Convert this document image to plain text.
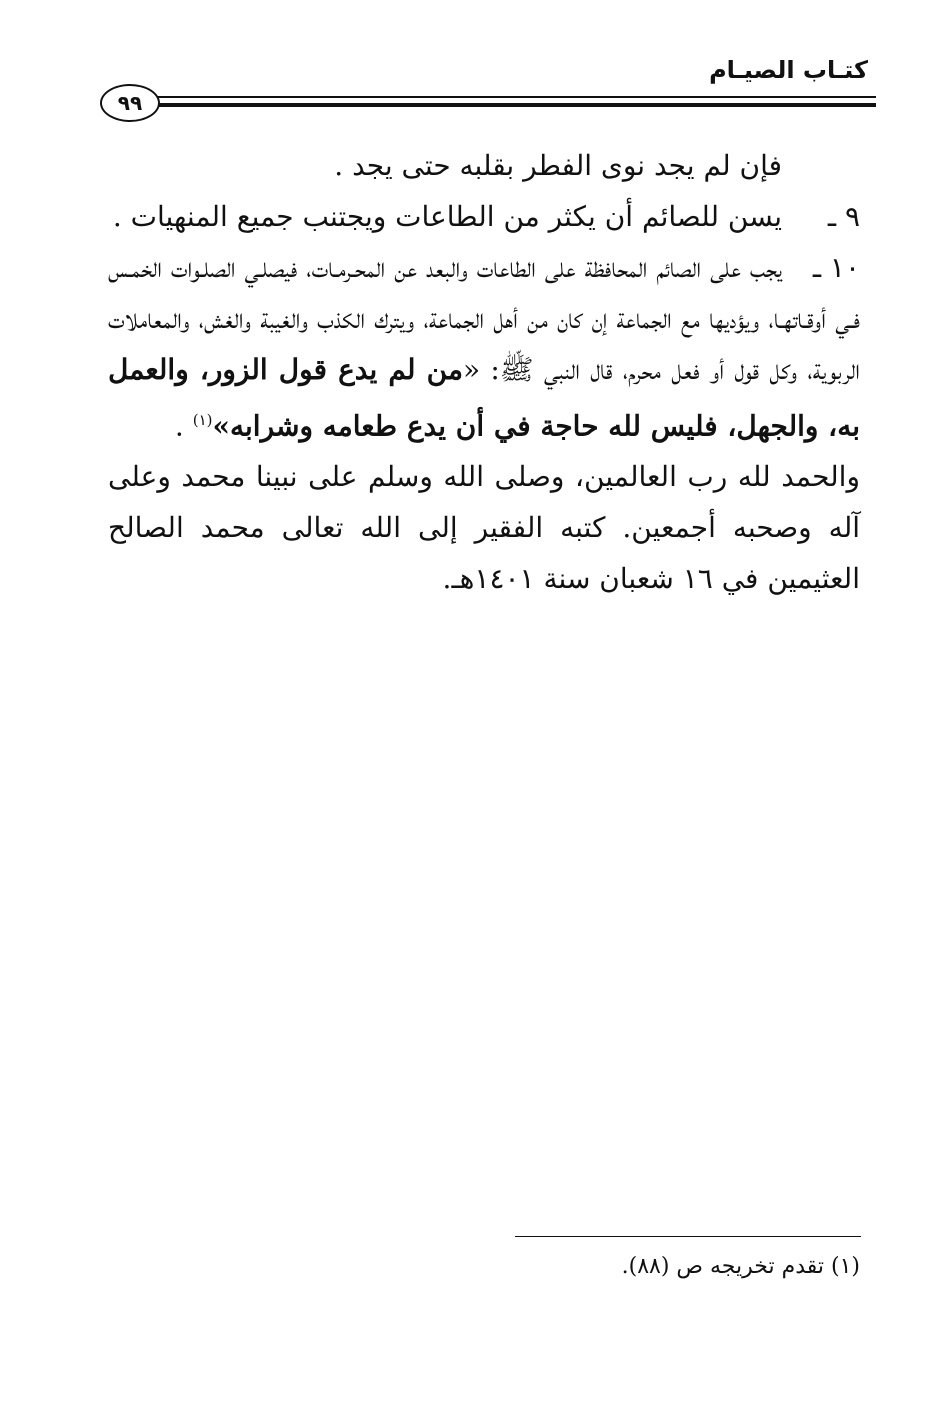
كتـاب الصيـام
٩٩

فإن لم يجد نوى الفطر بقلبه حتى يجد .

٩ ـيسن للصائم أن يكثر من الطاعات ويجتنب جميع المنهيات .

١٠ ـيجب على الصائم المحافظة على الطاعات والبعد عن المحـرمـات، فيصلـي الصلـوات الخمـس فـي أوقـاتهـا، ويؤديها مع الجماعة إن كان من أهل الجماعة، ويترك الكذب والغيبة والغش، والمعاملات الربوية، وكل قول أو فعل محرم، قال النبي ﷺ: «من لم يدع قول الزور، والعمل به، والجهل، فليس لله حاجة في أن يدع طعامه وشرابه»$^{(١)}$ .

والحمد لله رب العالمين، وصلى الله وسلم على نبينا محمد وعلى آله وصحبه أجمعين. كتبه الفقير إلى الله تعالى محمد الصالح العثيمين في ١٦ شعبان سنة ١٤٠١هـ.

(١) تقدم تخريجه ص (٨٨).
